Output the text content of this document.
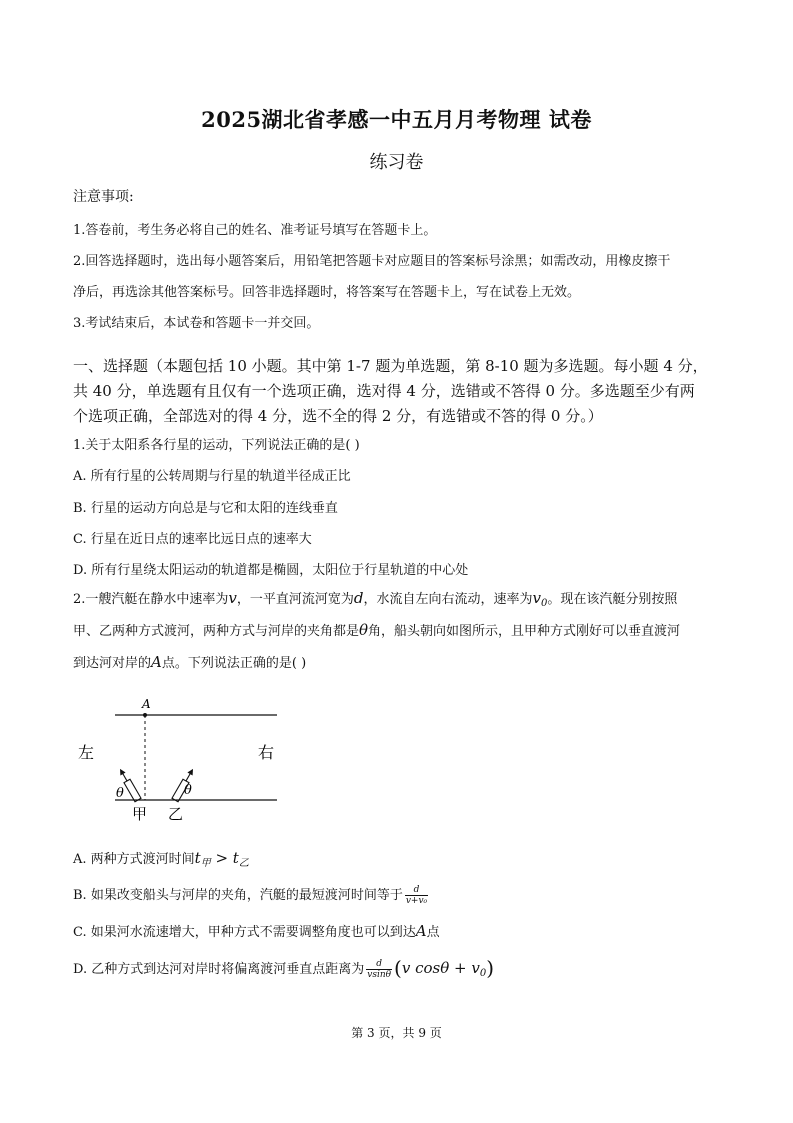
2025湖北省孝感一中五月月考物理 试卷
练习卷
注意事项:
1.答卷前，考生务必将自己的姓名、准考证号填写在答题卡上。
2.回答选择题时，选出每小题答案后，用铅笔把答题卡对应题目的答案标号涂黑；如需改动，用橡皮擦干
净后，再选涂其他答案标号。回答非选择题时，将答案写在答题卡上，写在试卷上无效。
3.考试结束后，本试卷和答题卡一并交回。
一、选择题（本题包括 10 小题。其中第 1-7 题为单选题，第 8-10 题为多选题。每小题 4 分，
共 40 分，单选题有且仅有一个选项正确，选对得 4 分，选错或不答得 0 分。多选题至少有两
个选项正确，全部选对的得 4 分，选不全的得 2 分，有选错或不答的得 0 分。）
1.关于太阳系各行星的运动，下列说法正确的是( )
A. 所有行星的公转周期与行星的轨道半径成正比
B. 行星的运动方向总是与它和太阳的连线垂直
C. 行星在近日点的速率比远日点的速率大
D. 所有行星绕太阳运动的轨道都是椭圆，太阳位于行星轨道的中心处
2.一艘汽艇在静水中速率为v，一平直河流河宽为d，水流自左向右流动，速率为$v_0$。现在该汽艇分别按照
甲、乙两种方式渡河，两种方式与河岸的夹角都是θ角，船头朝向如图所示，且甲种方式刚好可以垂直渡河
到达河对岸的A点。下列说法正确的是( )
A
左	右
θ	θ
甲 乙
A. 两种方式渡河时间$t_甲 > t_乙$
B. 如果改变船头与河岸的夹角，汽艇的最短渡河时间等于 $\frac{d}{\text{v+v₀}}$
C. 如果河水流速增大，甲种方式不需要调整角度也可以到达A点
D. 乙种方式到达河对岸时将偏离渡河垂直点距离为 $\frac{d}{vsin\theta} (v$ $\cos\theta + v_0$)
第 3 页，共 9 页
